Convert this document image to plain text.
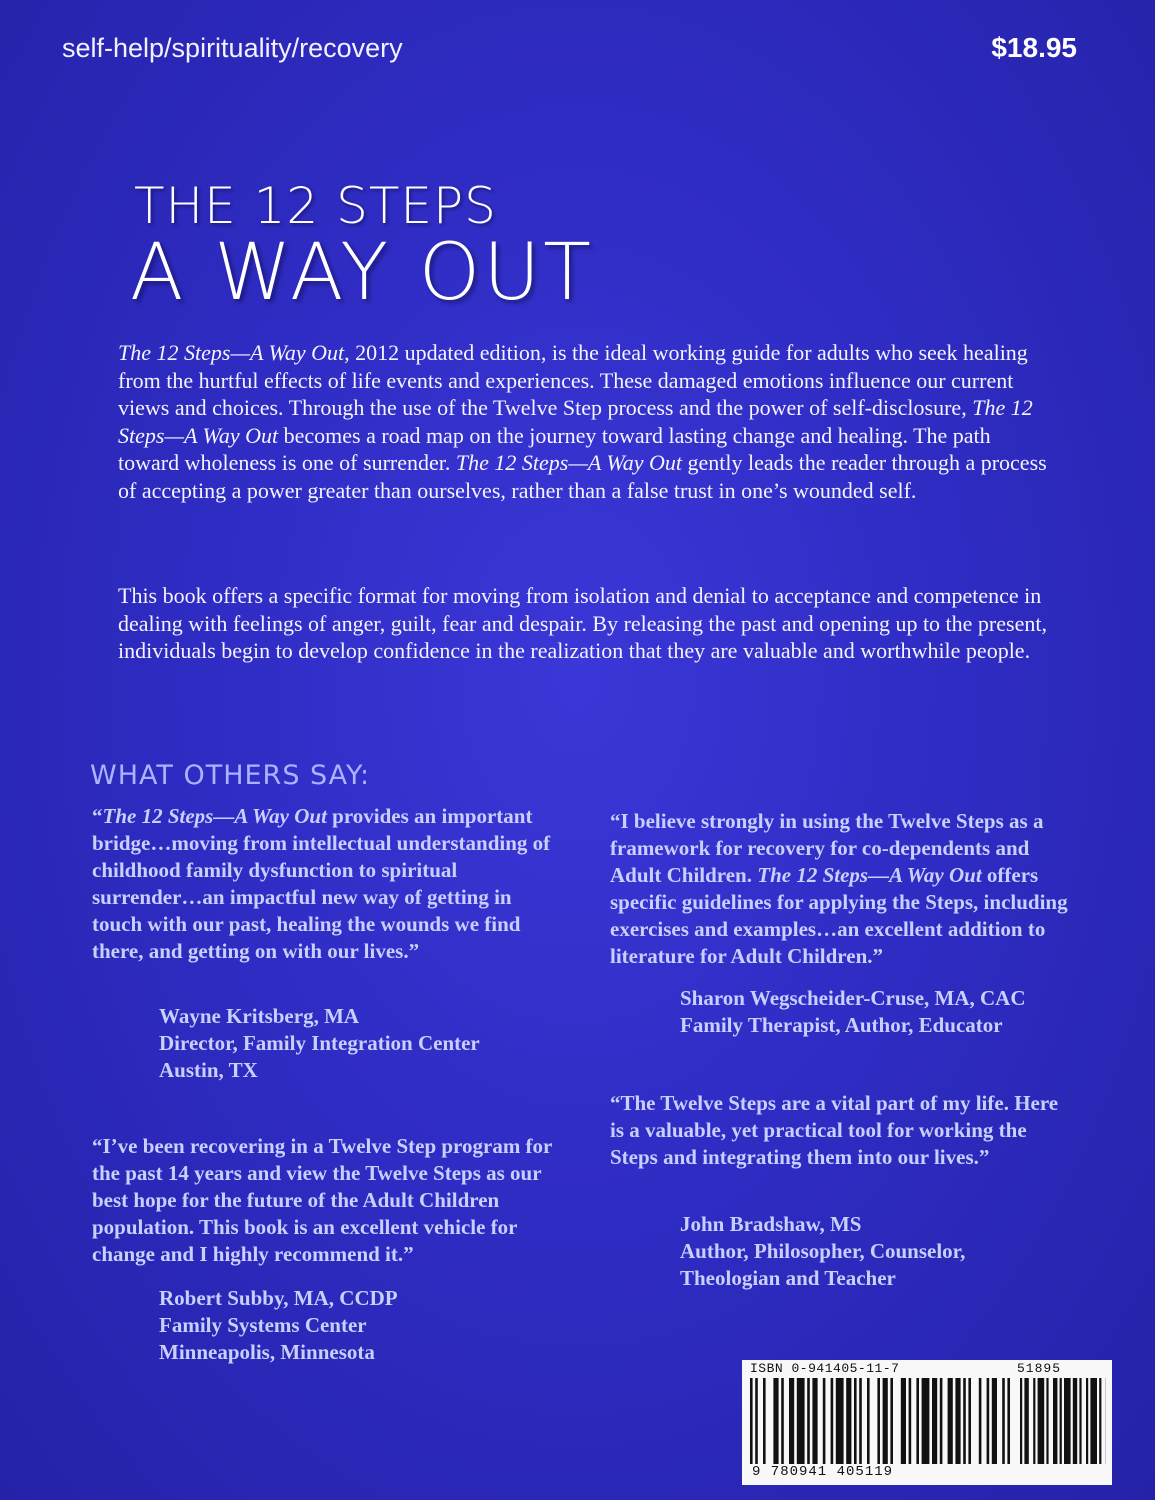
self-help/spirituality/recovery	$18.95
THE 12 STEPS
A WAY OUT
The 12 Steps—A Way Out, 2012 updated edition, is the ideal working guide for adults who seek healing from the hurtful effects of life events and experiences. These damaged emotions influence our current views and choices. Through the use of the Twelve Step process and the power of self-disclosure, The 12 Steps—A Way Out becomes a road map on the journey toward lasting change and healing. The path toward wholeness is one of surrender. The 12 Steps—A Way Out gently leads the reader through a process of accepting a power greater than ourselves, rather than a false trust in one’s wounded self.
This book offers a specific format for moving from isolation and denial to acceptance and competence in dealing with feelings of anger, guilt, fear and despair. By releasing the past and opening up to the present, individuals begin to develop confidence in the realization that they are valuable and worthwhile people.
WHAT OTHERS SAY:
“The 12 Steps—A Way Out provides an important bridge…moving from intellectual understanding of childhood family dysfunction to spiritual surrender…an impactful new way of getting in touch with our past, healing the wounds we find there, and getting on with our lives.”
Wayne Kritsberg, MA
Director, Family Integration Center
Austin, TX
“I believe strongly in using the Twelve Steps as a framework for recovery for co-dependents and Adult Children. The 12 Steps—A Way Out offers specific guidelines for applying the Steps, including exercises and examples…an excellent addition to literature for Adult Children.”
Sharon Wegscheider-Cruse, MA, CAC
Family Therapist, Author, Educator
“I’ve been recovering in a Twelve Step program for the past 14 years and view the Twelve Steps as our best hope for the future of the Adult Children population. This book is an excellent vehicle for change and I highly recommend it.”
Robert Subby, MA, CCDP
Family Systems Center
Minneapolis, Minnesota
“The Twelve Steps are a vital part of my life. Here is a valuable, yet practical tool for working the Steps and integrating them into our lives.”
John Bradshaw, MS
Author, Philosopher, Counselor,
Theologian and Teacher
ISBN 0-941405-11-7	51895
9 780941 405119
